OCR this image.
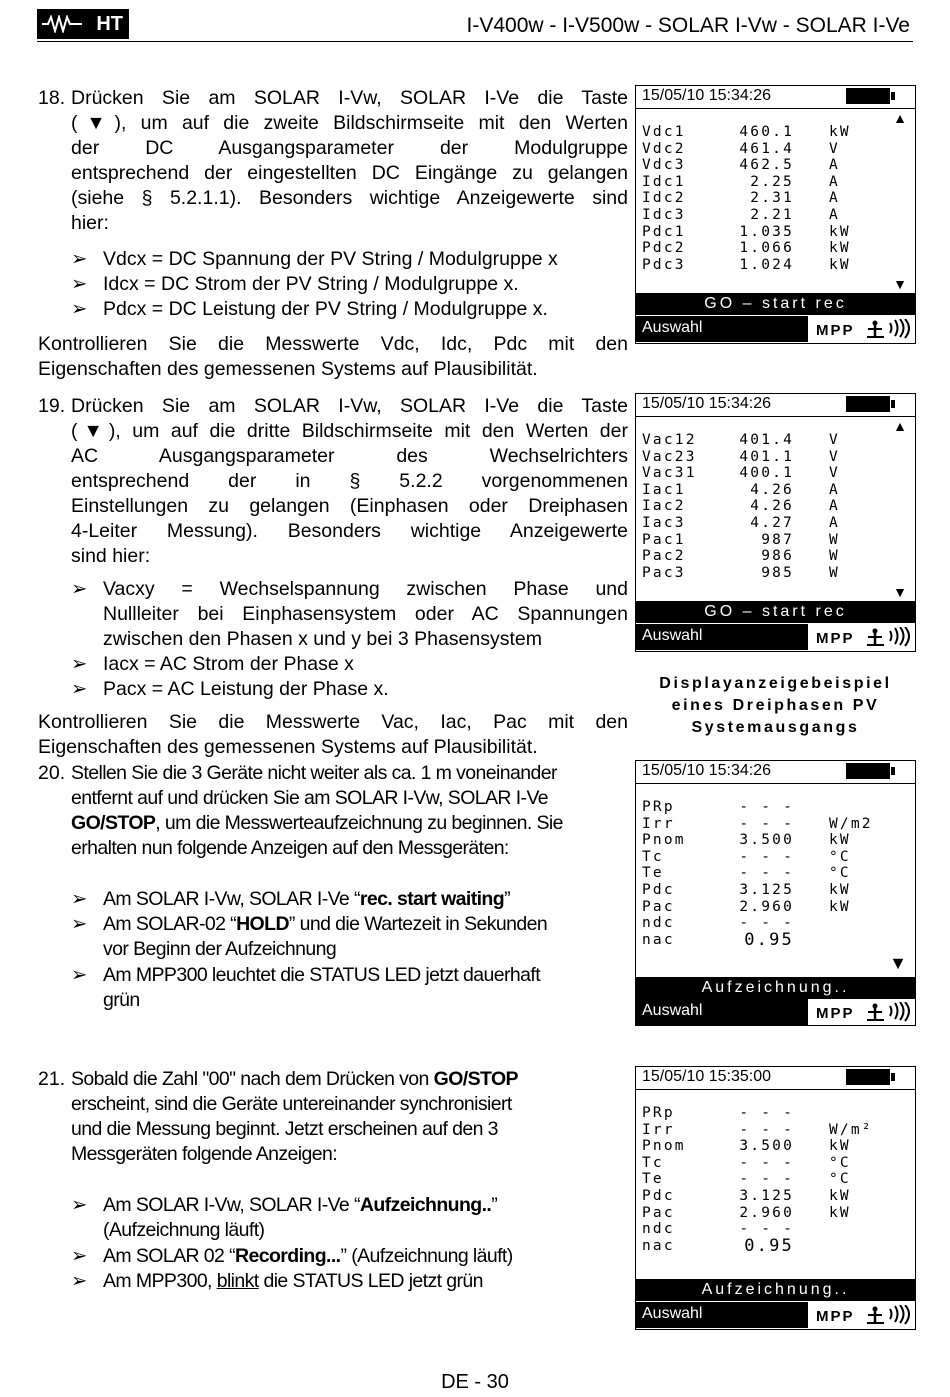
HT	I-V400w - I-V500w - SOLAR I-Vw - SOLAR I-Ve
18. Drücken Sie am SOLAR I-Vw, SOLAR I-Ve die Taste
(▼), um auf die zweite Bildschirmseite mit den Werten
der DC Ausgangsparameter der Modulgruppe
entsprechend der eingestellten DC Eingänge zu gelangen
(siehe § 5.2.1.1). Besonders wichtige Anzeigewerte sind
hier:
➢ Vdcx = DC Spannung der PV String / Modulgruppe x
➢ Idcx = DC Strom der PV String / Modulgruppe x.
➢ Pdcx = DC Leistung der PV String / Modulgruppe x.
Kontrollieren Sie die Messwerte Vdc, Idc, Pdc mit den
Eigenschaften des gemessenen Systems auf Plausibilität.
19. Drücken Sie am SOLAR I-Vw, SOLAR I-Ve die Taste
(▼), um auf die dritte Bildschirmseite mit den Werten der
AC Ausgangsparameter des Wechselrichters
entsprechend der in § 5.2.2 vorgenommenen
Einstellungen zu gelangen (Einphasen oder Dreiphasen
4-Leiter Messung). Besonders wichtige Anzeigewerte
sind hier:
➢ Vacxy = Wechselspannung zwischen Phase und
Nullleiter bei Einphasensystem oder AC Spannungen
zwischen den Phasen x und y bei 3 Phasensystem
➢ Iacx = AC Strom der Phase x
➢ Pacx = AC Leistung der Phase x.
Kontrollieren Sie die Messwerte Vac, Iac, Pac mit den
Eigenschaften des gemessenen Systems auf Plausibilität.
20. Stellen Sie die 3 Geräte nicht weiter als ca. 1 m voneinander
entfernt auf und drücken Sie am SOLAR I-Vw, SOLAR I-Ve
GO/STOP, um die Messwerteaufzeichnung zu beginnen. Sie
erhalten nun folgende Anzeigen auf den Messgeräten:
➢ Am SOLAR I-Vw, SOLAR I-Ve “rec. start waiting”
➢ Am SOLAR-02 “HOLD” und die Wartezeit in Sekunden
vor Beginn der Aufzeichnung
➢ Am MPP300 leuchtet die STATUS LED jetzt dauerhaft
grün
21. Sobald die Zahl "00" nach dem Drücken von GO/STOP
erscheint, sind die Geräte untereinander synchronisiert
und die Messung beginnt. Jetzt erscheinen auf den 3
Messgeräten folgende Anzeigen:
➢ Am SOLAR I-Vw, SOLAR I-Ve “Aufzeichnung..”
(Aufzeichnung läuft)
➢ Am SOLAR 02 “Recording...” (Aufzeichnung läuft)
➢ Am MPP300, blinkt die STATUS LED jetzt grün
15/05/10 15:34:26
▲
Vdc1	460.1 kW
Vdc2	461.4 V
Vdc3	462.5 A
Idc1	2.25 A
Idc2	2.31 A
Idc3	2.21 A
Pdc1	1.035 kW
Pdc2	1.066 kW
Pdc3	1.024 kW
▼
GO – start rec
Auswahl	MPP
15/05/10 15:34:26
▲
Vac12	401.4 V
Vac23	401.1 V
Vac31	400.1 V
Iac1	4.26 A
Iac2	4.26 A
Iac3	4.27 A
Pac1	987 W
Pac2	986 W
Pac3	985 W
▼
GO – start rec
Auswahl	MPP
Displayanzeigebeispiel
eines Dreiphasen PV
Systemausgangs
15/05/10 15:34:26
PRp	- - -
Irr	- - - W/m2
Pnom	3.500 kW
Tc	- - - °C
Te	- - - °C
Pdc	3.125 kW
Pac	2.960 kW
ndc	- - -
nac	0.95
▼
Aufzeichnung..
Auswahl	MPP
15/05/10 15:35:00
PRp	- - -
Irr	- - - W/m²
Pnom	3.500 kW
Tc	- - - °C
Te	- - - °C
Pdc	3.125 kW
Pac	2.960 kW
ndc	- - -
nac	0.95
Aufzeichnung..
Auswahl	MPP
DE - 30
